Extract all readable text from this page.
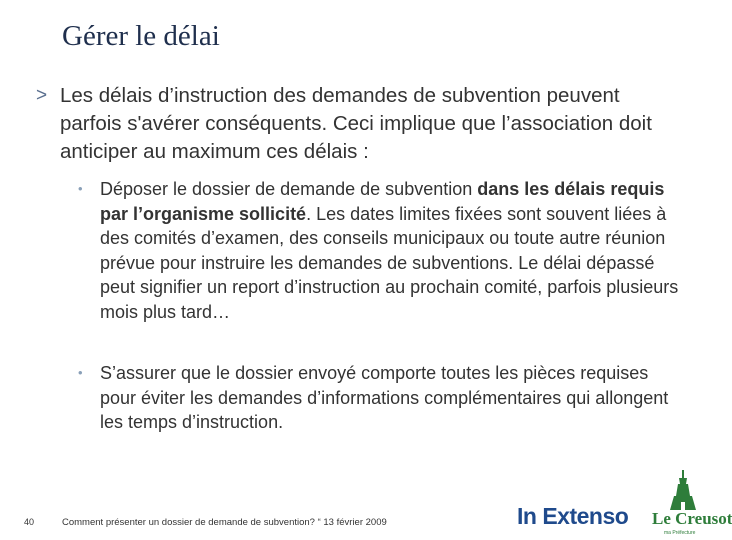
Gérer le délai
> Les délais d’instruction des demandes de subvention peuvent parfois s'avérer conséquents. Ceci implique que l’association doit anticiper au maximum ces délais :
• Déposer le dossier de demande de subvention dans les délais requis par l’organisme sollicité. Les dates limites fixées sont souvent liées à des comités d’examen, des conseils municipaux ou toute autre réunion prévue pour instruire les demandes de subventions. Le délai dépassé peut signifier un report d’instruction au prochain comité, parfois plusieurs mois plus tard…
• S’assurer que le dossier envoyé comporte toutes les pièces requises pour éviter les demandes d’informations complémentaires qui allongent les temps d’instruction.
40	Comment présenter un dossier de demande de subvention? “ 13 février 2009	In Extenso Le Creusot
ma Préfecture
